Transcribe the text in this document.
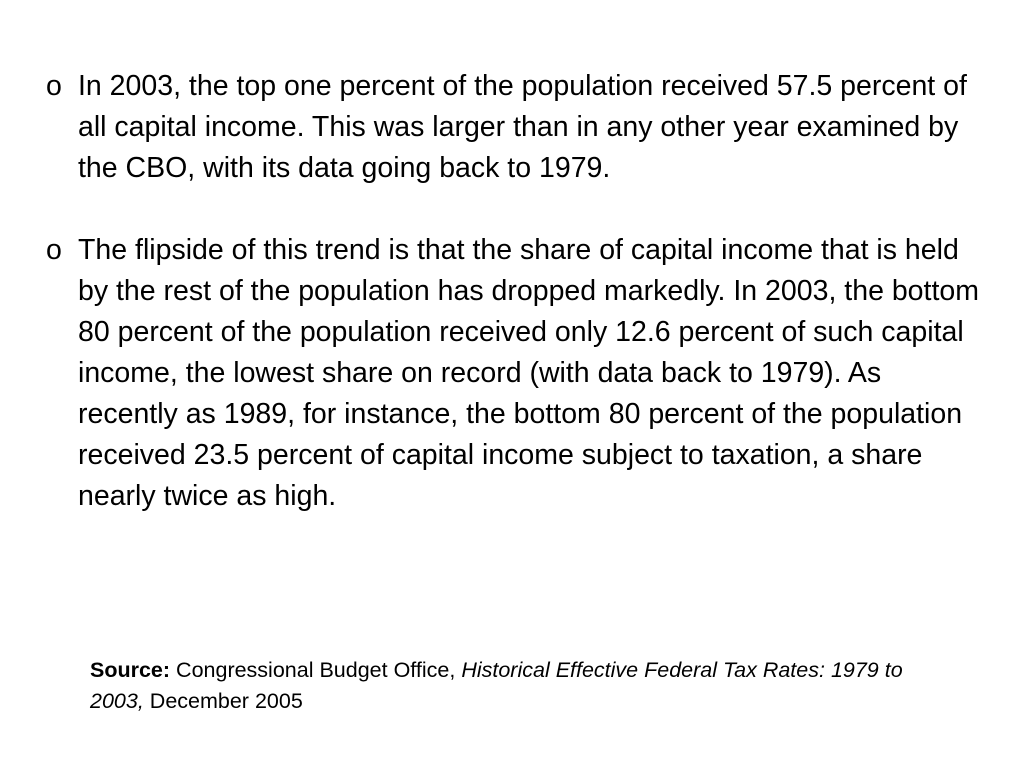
o In 2003, the top one percent of the population received 57.5 percent of all capital income. This was larger than in any other year examined by the CBO, with its data going back to 1979.
o The flipside of this trend is that the share of capital income that is held by the rest of the population has dropped markedly. In 2003, the bottom 80 percent of the population received only 12.6 percent of such capital income, the lowest share on record (with data back to 1979). As recently as 1989, for instance, the bottom 80 percent of the population received 23.5 percent of capital income subject to taxation, a share nearly twice as high.
Source: Congressional Budget Office, Historical Effective Federal Tax Rates: 1979 to 2003, December 2005
